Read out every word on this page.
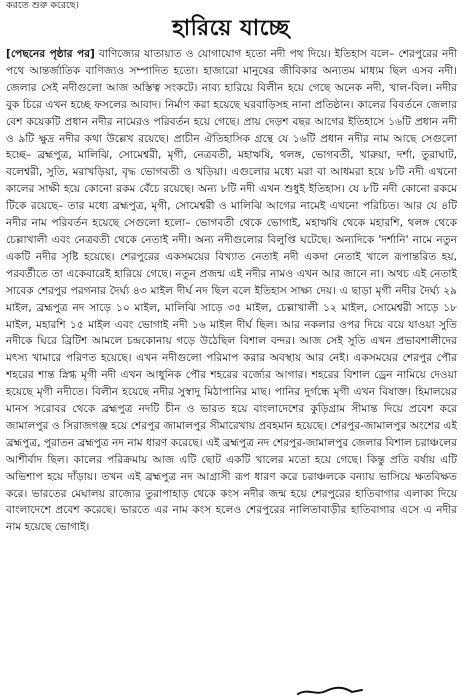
করতে শুরু করেছে।
হারিয়ে যাচ্ছে

[পেছনের পৃষ্ঠার পর] বাণিজ্যের যাতায়াত ও যোগাযোগ হতো নদী পথ দিয়ে। ইতিহাস বলে– শেরপুরের নদী পথে আন্তর্জাতিক বাণিজ্যও সম্পাদিত হতো। হাজারো মানুষের জীবিকার অন্যতম মাধ্যম ছিল এসব নদী। জেলার সেই নদীগুলো আজ অস্তিত্ব সংকটে। নাব্য হারিয়ে বিলীন হয়ে গেছে অনেক নদী, খাল-বিল। নদীর বুক চিরে এখন হচ্ছে ফসলের আবাদ। নির্মাণ করা হয়েছে ঘরবাড়িসহ নানা প্রতিষ্ঠান। কালের বিবর্তনে জেলার বেশ কয়েকটি প্রধান নদীর নামেরও পরিবর্তন হয়ে গেছে। প্রায় দেড়শ বছর আগের ইতিহাসে ১৬টি প্রধান নদী ও ৯টি ক্ষুদ্র নদীর কথা উল্লেখ রয়েছে। প্রাচীন ঐতিহাসিক গ্রন্থে যে ১৬টি প্রধান নদীর নাম আছে সেগুলো হচ্ছে– ব্রহ্মপুত্র, মালিঝি, সোমেশ্বরী, মৃগী, নেত্রবতী, মহাঋষি, থলঙ্গ, ভোগবতী, খারুয়া, দর্শা, তুরাঘাট, বলেশ্বরী, সুতি, মরাখড়িয়া, বৃদ্ধ ভোগবতী ও খড়িয়া। এগুলোর মধ্যে মরা বা আধমরা হয়ে ৮টি নদী এখনো কালের সাক্ষী হয়ে কোনো রকম বেঁচে রয়েছে। অন্য ৮টি নদী এখন শুধুই ইতিহাস। যে ৮টি নদী কোনো রকমে টিকে রয়েছে– তার মধ্যে ব্রহ্মপুত্র, মৃগী, সোমেশ্বরী ও মালিঝি আগের নামেই এখনো পরিচিত। আর যে ৪টি নদীর নাম পরিবর্তন হয়েছে সেগুলো হলো– ভোগবতী থেকে ভোগাই, মহাঋষি থেকে মহারশি, থলঙ্গ থেকে চেল্লাখালী এবং নেত্রবতী থেকে নেতাই নদী। অন্য নদীগুলোর বিলুপ্তি ঘটেছে। অন্যদিকে 'দর্শানি' নামে নতুন একটি নদীর সৃষ্টি হয়েছে। শেরপুরের একসময়ের বিখ্যাত নেতাই নদী একদা নেতাই খালে রূপান্তরিত হয়, পরবর্তীতে তা একেবারেই হারিয়ে গেছে। নতুন প্রজন্ম এই নদীর নামও এখন আর জানে না। অথচ এই নেতাই সাবেক শেরপুর পরগনার দৈর্ঘ্য ৪৩ মাইল দীর্ঘ নদ ছিল বলে ইতিহাস সাক্ষ্য দেয়। এ ছাড়া মৃগী নদীর দৈর্ঘ্য ২৯ মাইল, ব্রহ্মপুত্র নদ সাড়ে ১০ মাইল, মালিঝি সাড়ে ৩৫ মাইল, চেল্লাখালী ১২ মাইল, সোমেশ্বরী সাড়ে ১৮ মাইল, মহারশি ১৫ মাইল এবং ভোগাই নদী ১৬ মাইল দীর্ঘ ছিল। আর নকলার ওপর দিয়ে বয়ে যাওয়া সুতি নদীকে ঘিরে ব্রিটিশ আমলে চন্দ্রকোনায় গড়ে উঠেছিল বিশাল বন্দর। আজ সেই সুতি এখন প্রভাবশালীদের মৎস্য খামারে পরিণত হয়েছে। এখন নদীগুলো পরিমাপ করার অবস্থায় আর নেই। একসময়ের শেরপুর পৌর শহরের শান্ত স্নিগ্ধ মৃগী নদী এখন আধুনিক পৌর শহরের বর্জ্যের আগার। শহরের বিশাল ড্রেন নামিয়ে দেওয়া হয়েছে মৃগী নদীতে। বিলীন হয়েছে নদীর সুস্বাদু মিঠাপানির মাছ। পানির দুর্গন্ধে মৃগী এখন বিষাক্ত। হিমালয়ের মানস সরোবর থেকে ব্রহ্মপুত্র নদটি চীন ও ভারত হয়ে বাংলাদেশের কুড়িগ্রাম সীমান্ত দিয়ে প্রবেশ করে জামালপুর ও সিরাজগঞ্জ হয়ে শেরপুর জামালপুর সীমারেখায় প্রবহমান হয়েছে। শেরপুর-জামালপুর অংশের এই ব্রহ্মপুত্র, পুরাতন ব্রহ্মপুত্র নদ নাম ধারণ করেছে। এই ব্রহ্মপুত্র নদ শেরপুর-জামালপুর জেলার বিশাল চরাঞ্চলের আশীর্বাদ ছিল। কালের পরিক্রমায় আজ এটি ছোট একটি খালের মতো হয়ে গেছে। কিন্তু প্রতি বর্ষায় এটি অভিশাপ হয়ে দাঁড়ায়। তখন এই ব্রহ্মপুত্র নদ আগ্রাসী রূপ ধারণ করে চরাঞ্চলকে বন্যায় ভাসিয়ে ক্ষতবিক্ষত করে। ভারতের মেঘালয় রাজ্যের তুরাপাহাড় থেকে কংস নদীর জন্ম হয়ে শেরপুরের হাতিবাগার এলাকা দিয়ে বাংলাদেশে প্রবেশ করেছে। ভারতে এর নাম কংস হলেও শেরপুরের নালিতাবাড়ীর হাতিবাগার এসে এ নদীর নাম হয়েছে ভোগাই।
